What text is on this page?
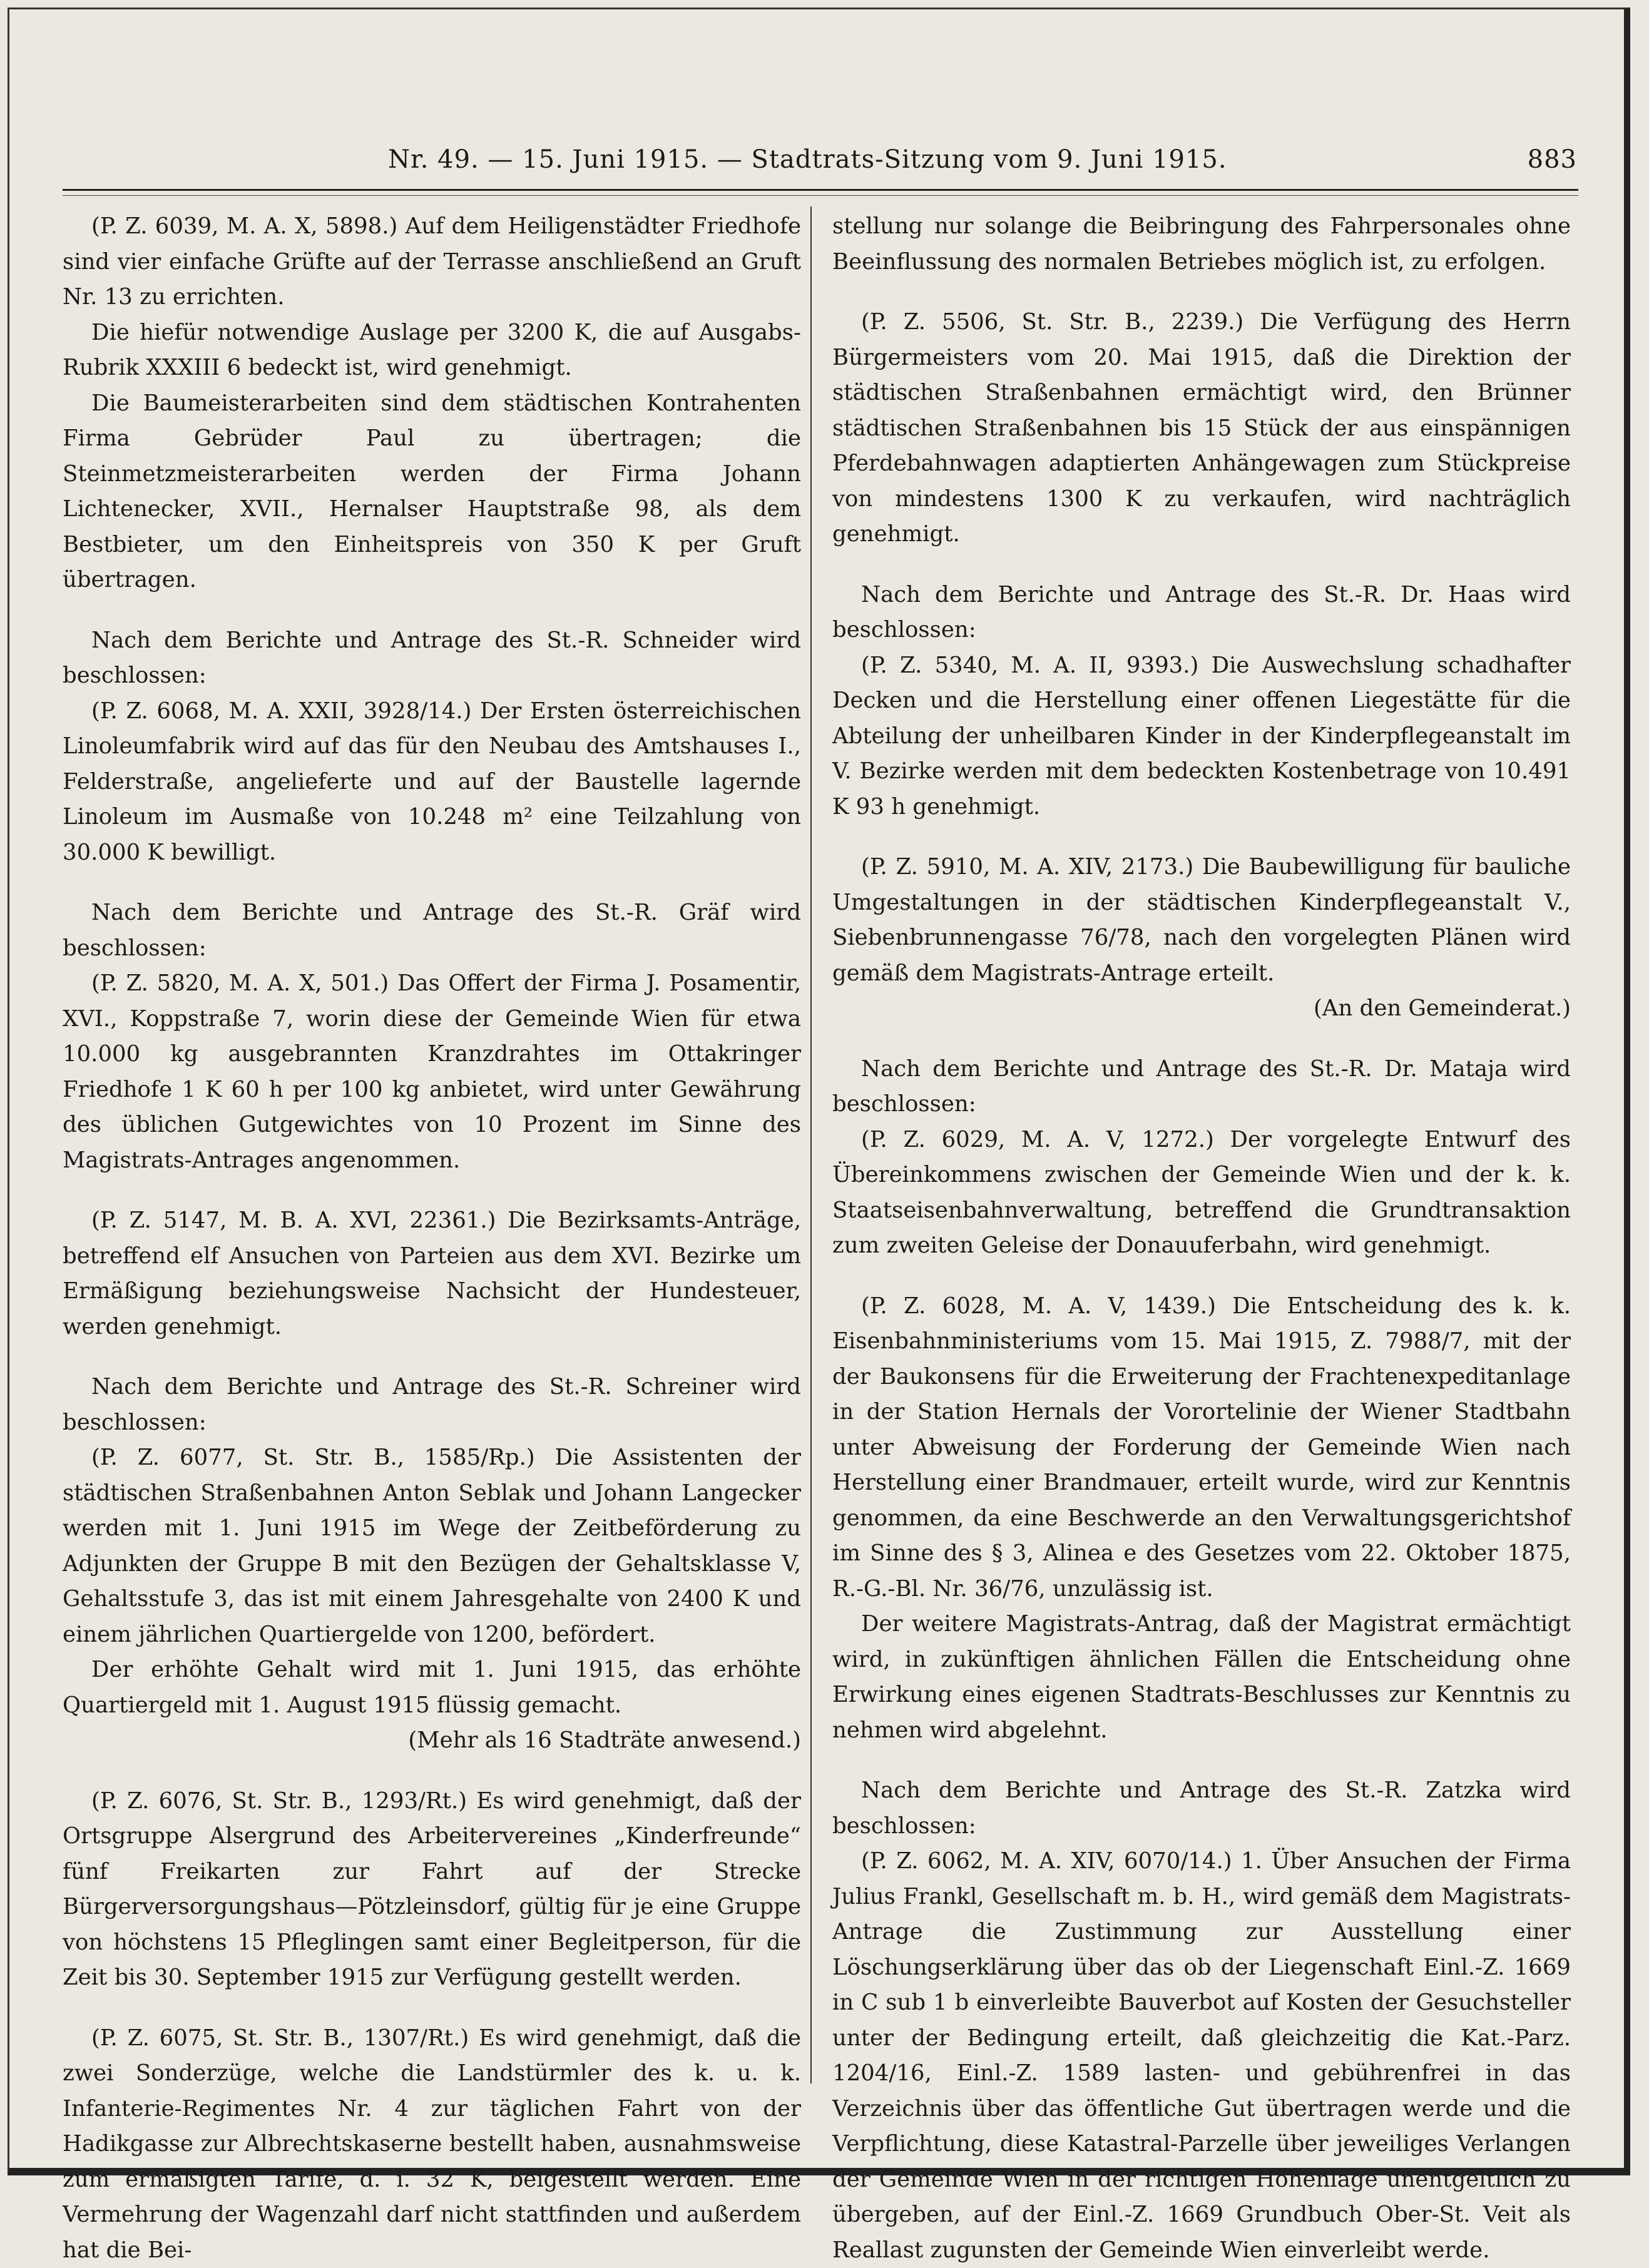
Nr. 49. — 15. Juni 1915. — Stadtrats-Sitzung vom 9. Juni 1915.	883

(P. Z. 6039, M. A. X, 5898.) Auf dem Heiligenstädter Friedhofe sind vier einfache Grüfte auf der Terrasse anschließend an Gruft Nr. 13 zu errichten.

Die hiefür notwendige Auslage per 3200 K, die auf Ausgabs-Rubrik XXXIII 6 bedeckt ist, wird genehmigt.

Die Baumeisterarbeiten sind dem städtischen Kontrahenten Firma Gebrüder Paul zu übertragen; die Steinmetzmeisterarbeiten werden der Firma Johann Lichtenecker, XVII., Hernalser Hauptstraße 98, als dem Bestbieter, um den Einheitspreis von 350 K per Gruft übertragen.

Nach dem Berichte und Antrage des St.-R. Schneider wird beschlossen:

(P. Z. 6068, M. A. XXII, 3928/14.) Der Ersten österreichischen Linoleumfabrik wird auf das für den Neubau des Amtshauses I., Felderstraße, angelieferte und auf der Baustelle lagernde Linoleum im Ausmaße von 10.248 m² eine Teilzahlung von 30.000 K bewilligt.

Nach dem Berichte und Antrage des St.-R. Gräf wird beschlossen:

(P. Z. 5820, M. A. X, 501.) Das Offert der Firma J. Posamentir, XVI., Koppstraße 7, worin diese der Gemeinde Wien für etwa 10.000 kg ausgebrannten Kranzdrahtes im Ottakringer Friedhofe 1 K 60 h per 100 kg anbietet, wird unter Gewährung des üblichen Gutgewichtes von 10 Prozent im Sinne des Magistrats-Antrages angenommen.

(P. Z. 5147, M. B. A. XVI, 22361.) Die Bezirksamts-Anträge, betreffend elf Ansuchen von Parteien aus dem XVI. Bezirke um Ermäßigung beziehungsweise Nachsicht der Hundesteuer, werden genehmigt.

Nach dem Berichte und Antrage des St.-R. Schreiner wird beschlossen:

(P. Z. 6077, St. Str. B., 1585/Rp.) Die Assistenten der städtischen Straßenbahnen Anton Seblak und Johann Langecker werden mit 1. Juni 1915 im Wege der Zeitbeförderung zu Adjunkten der Gruppe B mit den Bezügen der Gehaltsklasse V, Gehaltsstufe 3, das ist mit einem Jahresgehalte von 2400 K und einem jährlichen Quartiergelde von 1200, befördert.

Der erhöhte Gehalt wird mit 1. Juni 1915, das erhöhte Quartiergeld mit 1. August 1915 flüssig gemacht.

(Mehr als 16 Stadträte anwesend.)

(P. Z. 6076, St. Str. B., 1293/Rt.) Es wird genehmigt, daß der Ortsgruppe Alsergrund des Arbeitervereines „Kinderfreunde“ fünf Freikarten zur Fahrt auf der Strecke Bürgerversorgungshaus—Pötzleinsdorf, gültig für je eine Gruppe von höchstens 15 Pfleglingen samt einer Begleitperson, für die Zeit bis 30. September 1915 zur Verfügung gestellt werden.

(P. Z. 6075, St. Str. B., 1307/Rt.) Es wird genehmigt, daß die zwei Sonderzüge, welche die Landstürmler des k. u. k. Infanterie-Regimentes Nr. 4 zur täglichen Fahrt von der Hadikgasse zur Albrechtskaserne bestellt haben, ausnahmsweise zum ermäßigten Tarife, d. i. 32 K, beigestellt werden. Eine Vermehrung der Wagenzahl darf nicht stattfinden und außerdem hat die Bei-

stellung nur solange die Beibringung des Fahrpersonales ohne Beeinflussung des normalen Betriebes möglich ist, zu erfolgen.

(P. Z. 5506, St. Str. B., 2239.) Die Verfügung des Herrn Bürgermeisters vom 20. Mai 1915, daß die Direktion der städtischen Straßenbahnen ermächtigt wird, den Brünner städtischen Straßenbahnen bis 15 Stück der aus einspännigen Pferdebahnwagen adaptierten Anhängewagen zum Stückpreise von mindestens 1300 K zu verkaufen, wird nachträglich genehmigt.

Nach dem Berichte und Antrage des St.-R. Dr. Haas wird beschlossen:

(P. Z. 5340, M. A. II, 9393.) Die Auswechslung schadhafter Decken und die Herstellung einer offenen Liegestätte für die Abteilung der unheilbaren Kinder in der Kinderpflegeanstalt im V. Bezirke werden mit dem bedeckten Kostenbetrage von 10.491 K 93 h genehmigt.

(P. Z. 5910, M. A. XIV, 2173.) Die Baubewilligung für bauliche Umgestaltungen in der städtischen Kinderpflegeanstalt V., Siebenbrunnengasse 76/78, nach den vorgelegten Plänen wird gemäß dem Magistrats-Antrage erteilt.

(An den Gemeinderat.)

Nach dem Berichte und Antrage des St.-R. Dr. Mataja wird beschlossen:

(P. Z. 6029, M. A. V, 1272.) Der vorgelegte Entwurf des Übereinkommens zwischen der Gemeinde Wien und der k. k. Staatseisenbahnverwaltung, betreffend die Grundtransaktion zum zweiten Geleise der Donauuferbahn, wird genehmigt.

(P. Z. 6028, M. A. V, 1439.) Die Entscheidung des k. k. Eisenbahnministeriums vom 15. Mai 1915, Z. 7988/7, mit der der Baukonsens für die Erweiterung der Frachtenexpeditanlage in der Station Hernals der Vorortelinie der Wiener Stadtbahn unter Abweisung der Forderung der Gemeinde Wien nach Herstellung einer Brandmauer, erteilt wurde, wird zur Kenntnis genommen, da eine Beschwerde an den Verwaltungsgerichtshof im Sinne des § 3, Alinea e des Gesetzes vom 22. Oktober 1875, R.-G.-Bl. Nr. 36/76, unzulässig ist.

Der weitere Magistrats-Antrag, daß der Magistrat ermächtigt wird, in zukünftigen ähnlichen Fällen die Entscheidung ohne Erwirkung eines eigenen Stadtrats-Beschlusses zur Kenntnis zu nehmen wird abgelehnt.

Nach dem Berichte und Antrage des St.-R. Zatzka wird beschlossen:

(P. Z. 6062, M. A. XIV, 6070/14.) 1. Über Ansuchen der Firma Julius Frankl, Gesellschaft m. b. H., wird gemäß dem Magistrats-Antrage die Zustimmung zur Ausstellung einer Löschungserklärung über das ob der Liegenschaft Einl.-Z. 1669 in C sub 1 b einverleibte Bauverbot auf Kosten der Gesuchsteller unter der Bedingung erteilt, daß gleichzeitig die Kat.-Parz. 1204/16, Einl.-Z. 1589 lasten- und gebührenfrei in das Verzeichnis über das öffentliche Gut übertragen werde und die Verpflichtung, diese Katastral-Parzelle über jeweiliges Verlangen der Gemeinde Wien in der richtigen Höhenlage unentgeltlich zu übergeben, auf der Einl.-Z. 1669 Grundbuch Ober-St. Veit als Reallast zugunsten der Gemeinde Wien einverleibt werde.
